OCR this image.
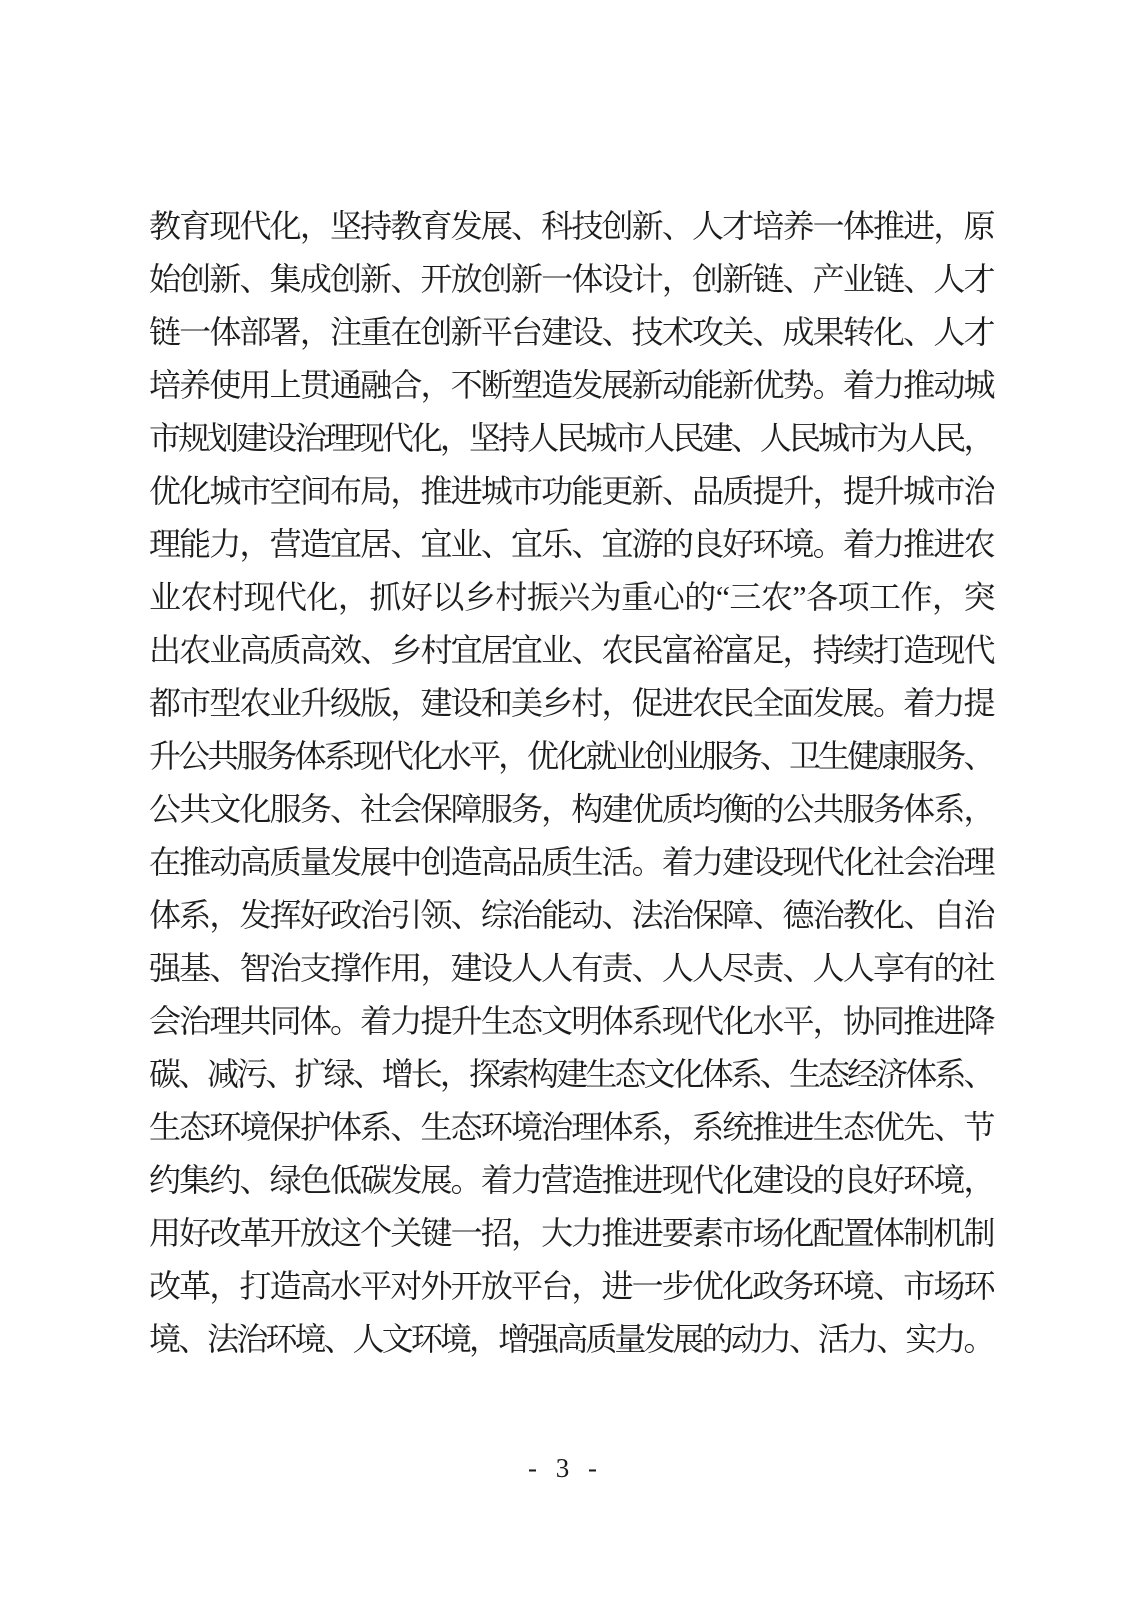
教育现代化，坚持教育发展、科技创新、人才培养一体推进，原
始创新、集成创新、开放创新一体设计，创新链、产业链、人才
链一体部署，注重在创新平台建设、技术攻关、成果转化、人才
培养使用上贯通融合，不断塑造发展新动能新优势。着力推动城
市规划建设治理现代化，坚持人民城市人民建、人民城市为人民，
优化城市空间布局，推进城市功能更新、品质提升，提升城市治
理能力，营造宜居、宜业、宜乐、宜游的良好环境。着力推进农
业农村现代化，抓好以乡村振兴为重心的“三农”各项工作，突
出农业高质高效、乡村宜居宜业、农民富裕富足，持续打造现代
都市型农业升级版，建设和美乡村，促进农民全面发展。着力提
升公共服务体系现代化水平，优化就业创业服务、卫生健康服务、
公共文化服务、社会保障服务，构建优质均衡的公共服务体系，
在推动高质量发展中创造高品质生活。着力建设现代化社会治理
体系，发挥好政治引领、综治能动、法治保障、德治教化、自治
强基、智治支撑作用，建设人人有责、人人尽责、人人享有的社
会治理共同体。着力提升生态文明体系现代化水平，协同推进降
碳、减污、扩绿、增长，探索构建生态文化体系、生态经济体系、
生态环境保护体系、生态环境治理体系，系统推进生态优先、节
约集约、绿色低碳发展。着力营造推进现代化建设的良好环境，
用好改革开放这个关键一招，大力推进要素市场化配置体制机制
改革，打造高水平对外开放平台，进一步优化政务环境、市场环
境、法治环境、人文环境，增强高质量发展的动力、活力、实力。
- 3 -
